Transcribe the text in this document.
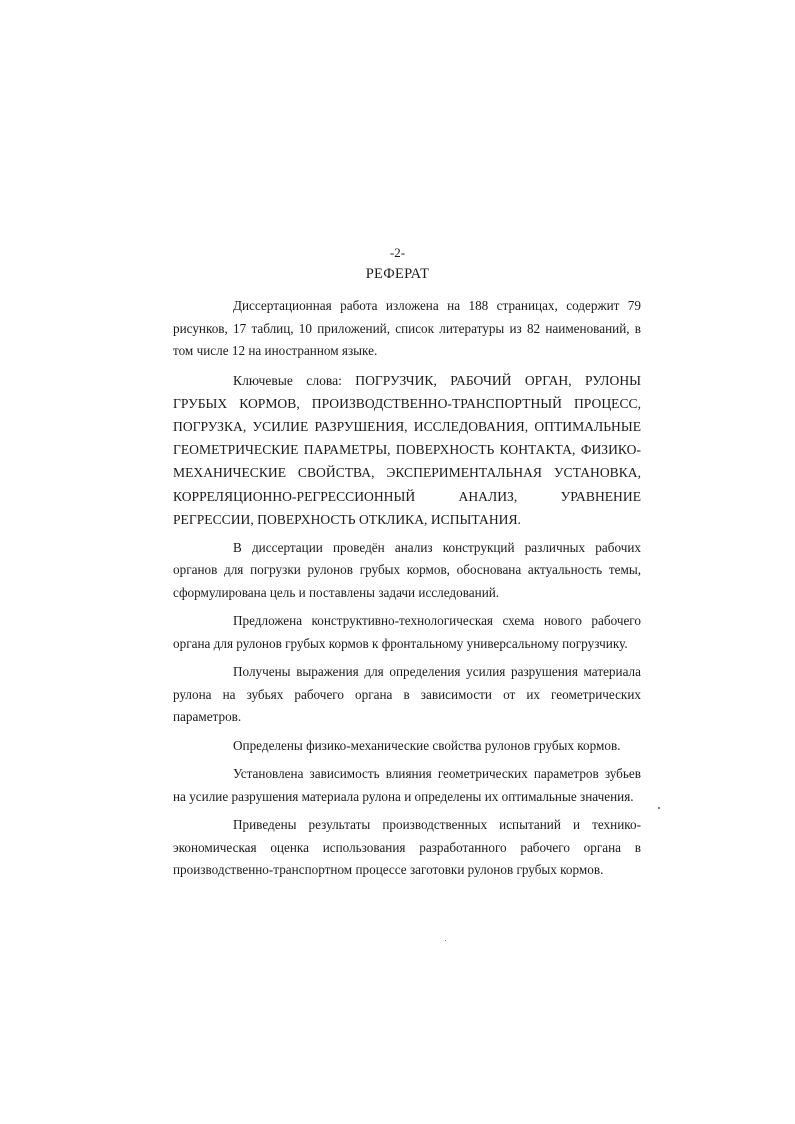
-2-
РЕФЕРАТ

Диссертационная работа изложена на 188 страницах, содержит 79 рисунков, 17 таблиц, 10 приложений, список литературы из 82 наименований, в том числе 12 на иностранном языке.

Ключевые слова: ПОГРУЗЧИК, РАБОЧИЙ ОРГАН, РУЛОНЫ ГРУБЫХ КОРМОВ, ПРОИЗВОДСТВЕННО-ТРАНСПОРТНЫЙ ПРОЦЕСС, ПОГРУЗКА, УСИЛИЕ РАЗРУШЕНИЯ, ИССЛЕДОВАНИЯ, ОПТИМАЛЬНЫЕ ГЕОМЕТРИЧЕСКИЕ ПАРАМЕТРЫ, ПОВЕРХНОСТЬ КОНТАКТА, ФИЗИКО-МЕХАНИЧЕСКИЕ СВОЙСТВА, ЭКСПЕРИМЕНТАЛЬНАЯ УСТАНОВКА, КОРРЕЛЯЦИОННО-РЕГРЕССИОННЫЙ АНАЛИЗ, УРАВНЕНИЕ РЕГРЕССИИ, ПОВЕРХНОСТЬ ОТКЛИКА, ИСПЫТАНИЯ.

В диссертации проведён анализ конструкций различных рабочих органов для погрузки рулонов грубых кормов, обоснована актуальность темы, сформулирована цель и поставлены задачи исследований.

Предложена конструктивно-технологическая схема нового рабочего органа для рулонов грубых кормов к фронтальному универсальному погрузчику.

Получены выражения для определения усилия разрушения материала рулона на зубьях рабочего органа в зависимости от их геометрических параметров.

Определены физико-механические свойства рулонов грубых кормов.

Установлена зависимость влияния геометрических параметров зубьев на усилие разрушения материала рулона и определены их оптимальные значения.

Приведены результаты производственных испытаний и технико-экономическая оценка использования разработанного рабочего органа в производственно-транспортном процессе заготовки рулонов грубых кормов.
